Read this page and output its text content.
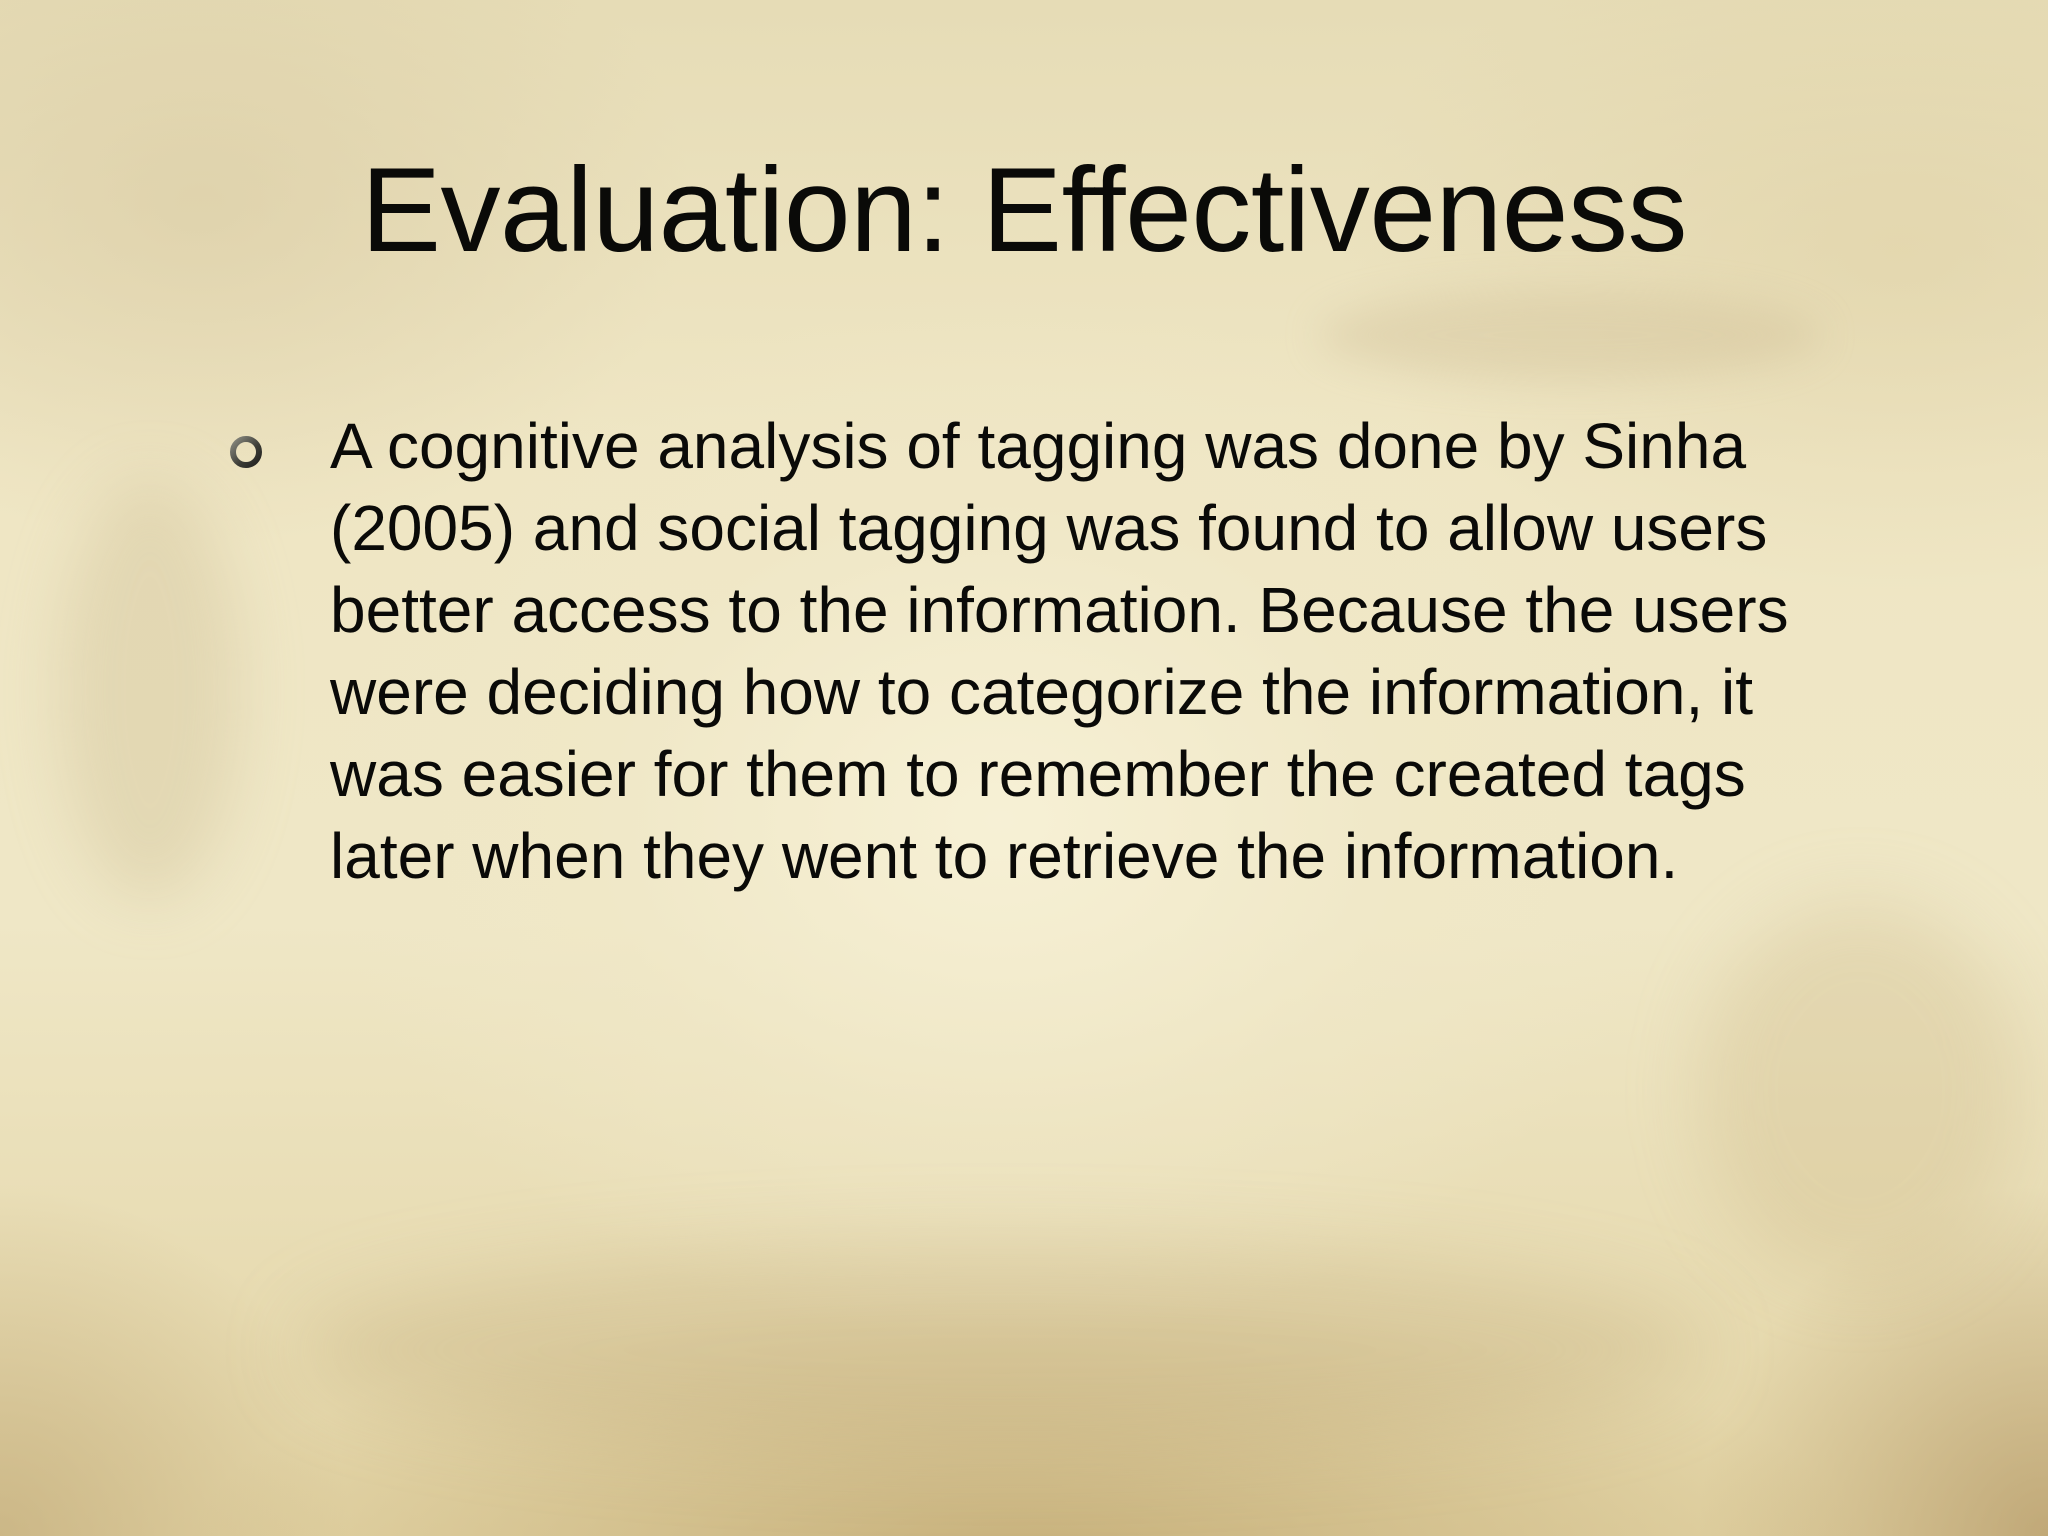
Evaluation: Effectiveness
A cognitive analysis of tagging was done by Sinha (2005) and social tagging was found to allow users better access to the information. Because the users were deciding how to categorize the information, it was easier for them to remember the created tags later when they went to retrieve the information.
